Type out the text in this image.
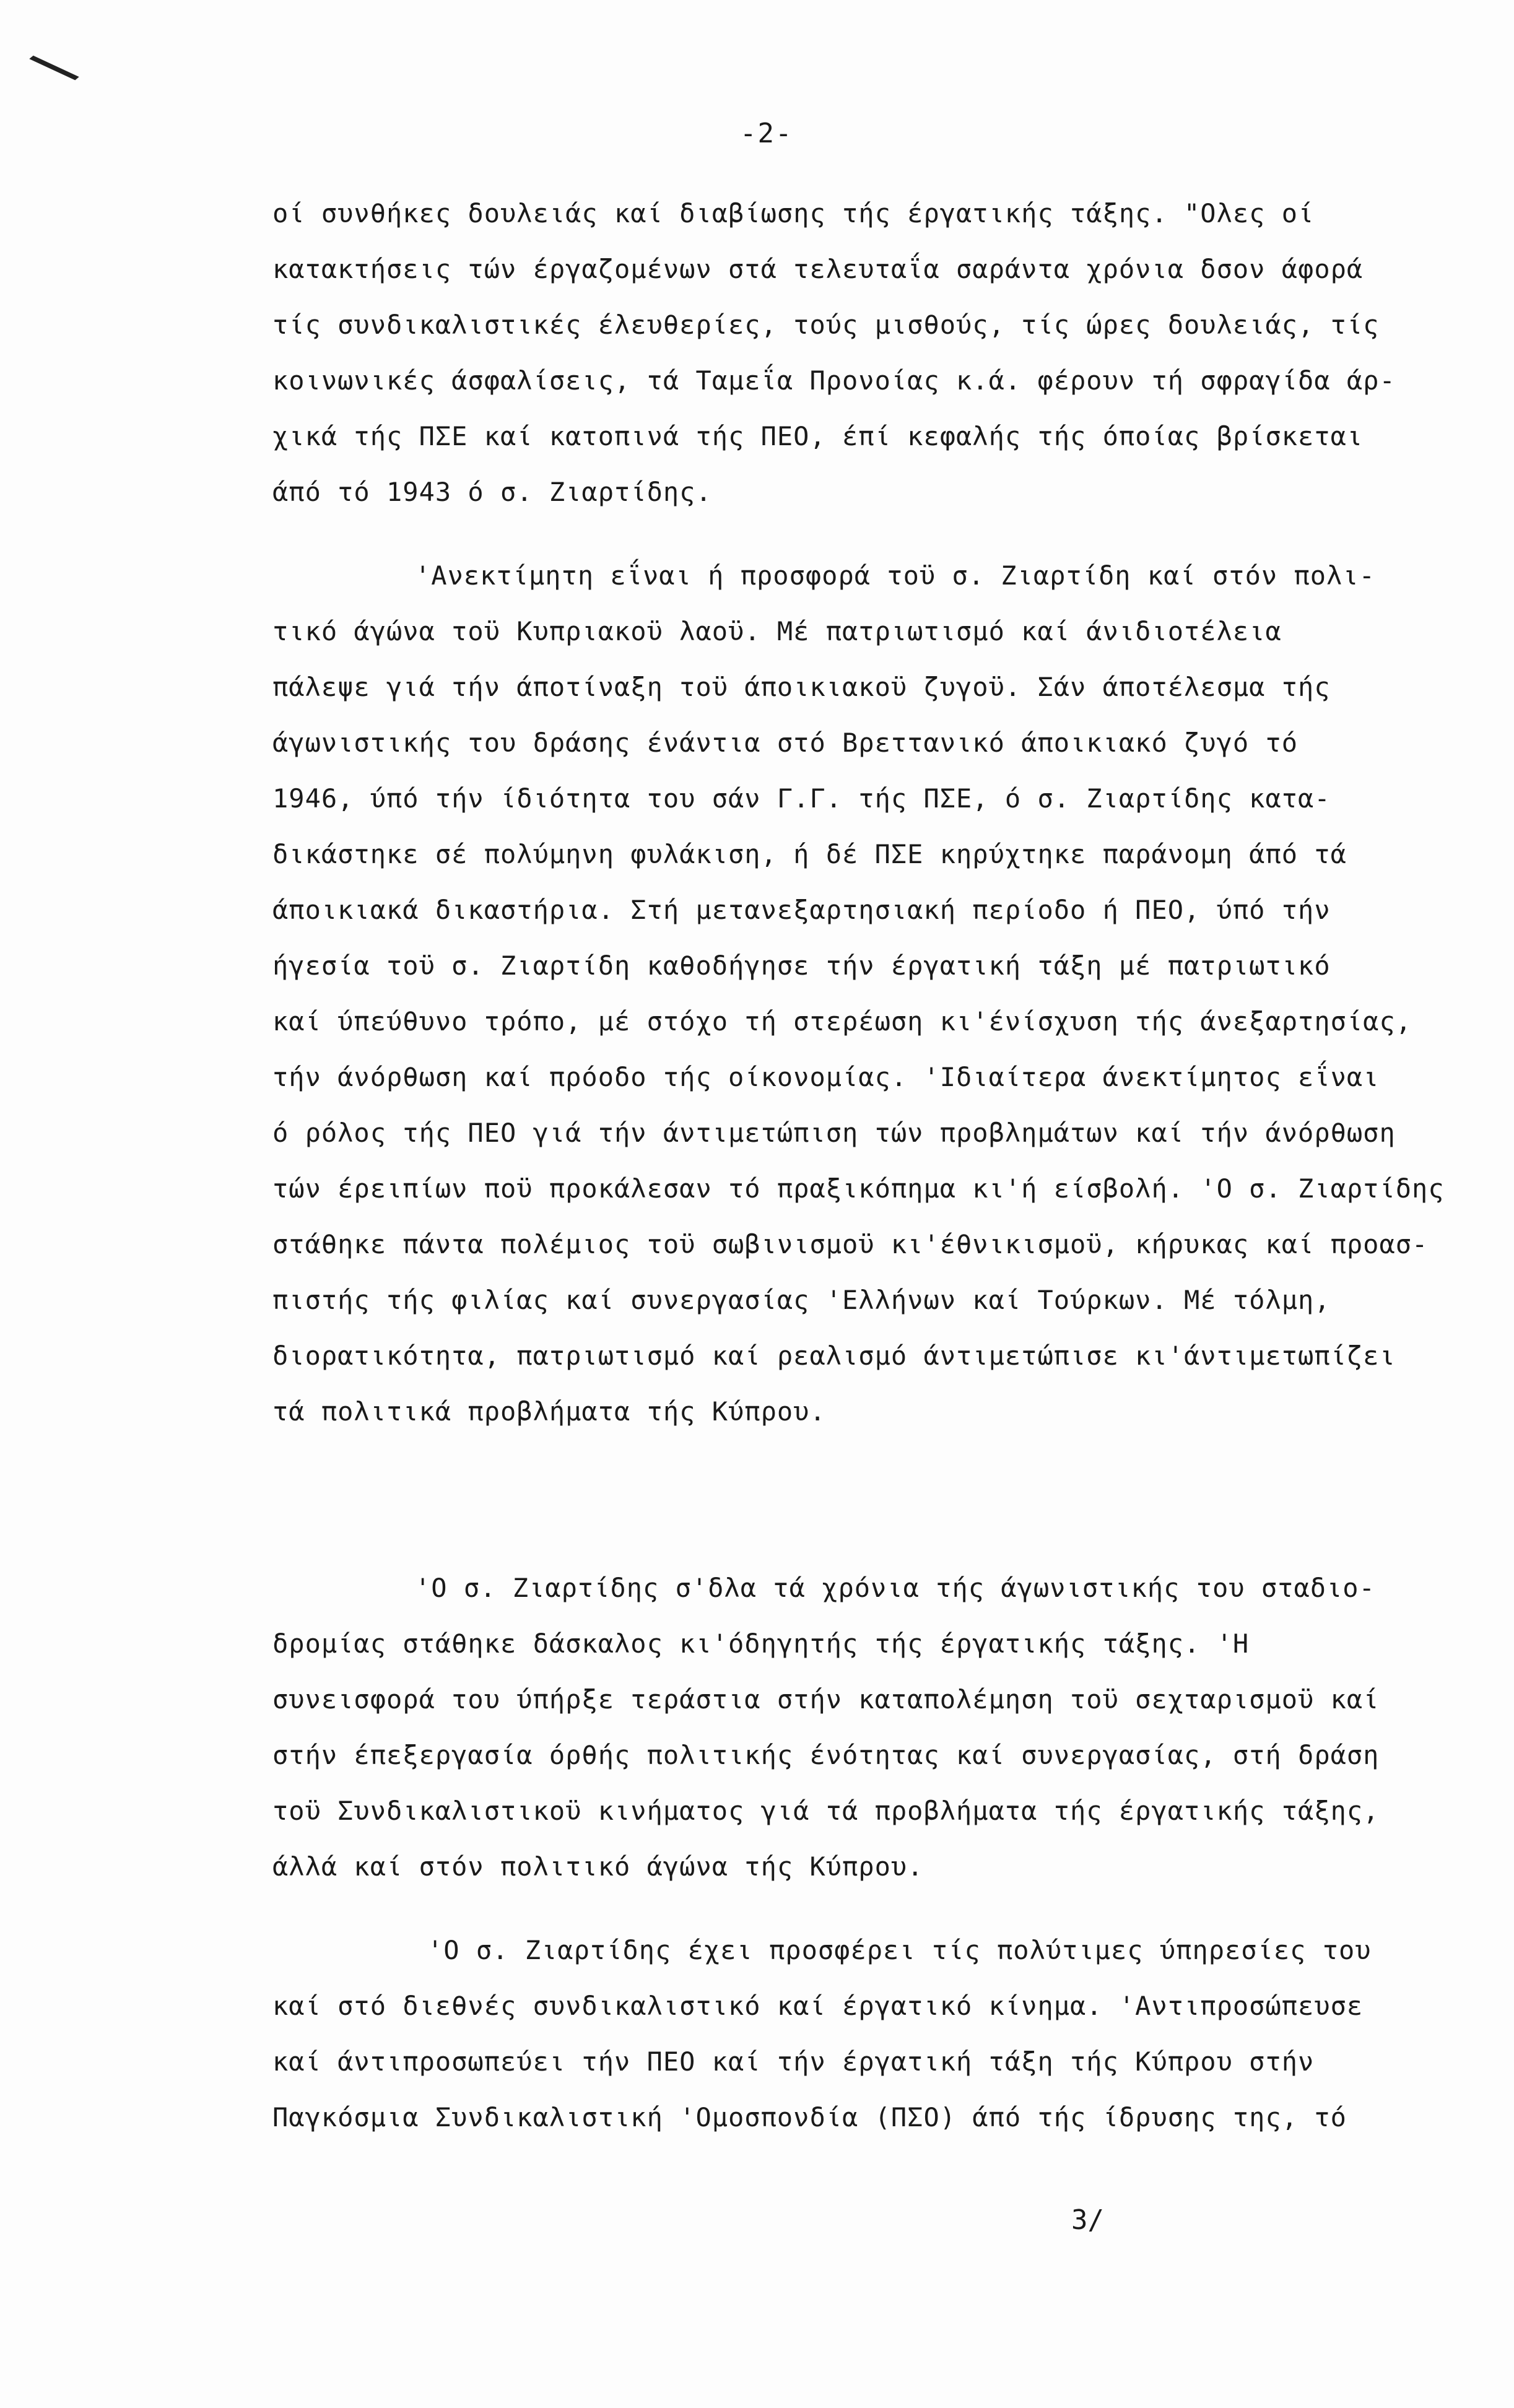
\
-2-
οί συνθήκες δουλειάς καί διαβίωσης τής έργατικής τάξης. "Ολες οί
κατακτήσεις τών έργαζομένων στά τελευταΐα σαράντα χρόνια δσον άφορά
τίς συνδικαλιστικές έλευθερίες, τούς μισθούς, τίς ώρες δουλειάς, τίς
κοινωνικές άσφαλίσεις, τά Ταμεΐα Προνοίας κ.ά. φέρουν τή σφραγίδα άρ-
χικά τής ΠΣΕ καί κατοπινά τής ΠΕΟ, έπί κεφαλής τής όποίας βρίσκεται
άπό τό 1943 ό σ. Ζιαρτίδης.
'Ανεκτίμητη εΐναι ή προσφορά τοϋ σ. Ζιαρτίδη καί στόν πολι-
τικό άγώνα τοϋ Κυπριακοϋ λαοϋ. Μέ πατριωτισμό καί άνιδιοτέλεια
πάλεψε γιά τήν άποτίναξη τοϋ άποικιακοϋ ζυγοϋ. Σάν άποτέλεσμα τής
άγωνιστικής του δράσης ένάντια στό Βρεττανικό άποικιακό ζυγό τό
1946, ύπό τήν ίδιότητα του σάν Γ.Γ. τής ΠΣΕ, ό σ. Ζιαρτίδης κατα-
δικάστηκε σέ πολύμηνη φυλάκιση, ή δέ ΠΣΕ κηρύχτηκε παράνομη άπό τά
άποικιακά δικαστήρια. Στή μετανεξαρτησιακή περίοδο ή ΠΕΟ, ύπό τήν
ήγεσία τοϋ σ. Ζιαρτίδη καθοδήγησε τήν έργατική τάξη μέ πατριωτικό
καί ύπεύθυνο τρόπο, μέ στόχο τή στερέωση κι'ένίσχυση τής άνεξαρτησίας,
τήν άνόρθωση καί πρόοδο τής οίκονομίας. 'Ιδιαίτερα άνεκτίμητος εΐναι
ό ρόλος τής ΠΕΟ γιά τήν άντιμετώπιση τών προβλημάτων καί τήν άνόρθωση
τών έρειπίων ποϋ προκάλεσαν τό πραξικόπημα κι'ή είσβολή. 'Ο σ. Ζιαρτίδης
στάθηκε πάντα πολέμιος τοϋ σωβινισμοϋ κι'έθνικισμοϋ, κήρυκας καί προασ-
πιστής τής φιλίας καί συνεργασίας 'Ελλήνων καί Τούρκων. Μέ τόλμη,
διορατικότητα, πατριωτισμό καί ρεαλισμό άντιμετώπισε κι'άντιμετωπίζει
τά πολιτικά προβλήματα τής Κύπρου.
'Ο σ. Ζιαρτίδης σ'δλα τά χρόνια τής άγωνιστικής του σταδιο-
δρομίας στάθηκε δάσκαλος κι'όδηγητής τής έργατικής τάξης. 'Η
συνεισφορά του ύπήρξε τεράστια στήν καταπολέμηση τοϋ σεχταρισμοϋ καί
στήν έπεξεργασία όρθής πολιτικής ένότητας καί συνεργασίας, στή δράση
τοϋ Συνδικαλιστικοϋ κινήματος γιά τά προβλήματα τής έργατικής τάξης,
άλλά καί στόν πολιτικό άγώνα τής Κύπρου.
'Ο σ. Ζιαρτίδης έχει προσφέρει τίς πολύτιμες ύπηρεσίες του
καί στό διεθνές συνδικαλιστικό καί έργατικό κίνημα. 'Αντιπροσώπευσε
καί άντιπροσωπεύει τήν ΠΕΟ καί τήν έργατική τάξη τής Κύπρου στήν
Παγκόσμια Συνδικαλιστική 'Ομοσπονδία (ΠΣΟ) άπό τής ίδρυσης της, τό
3/
